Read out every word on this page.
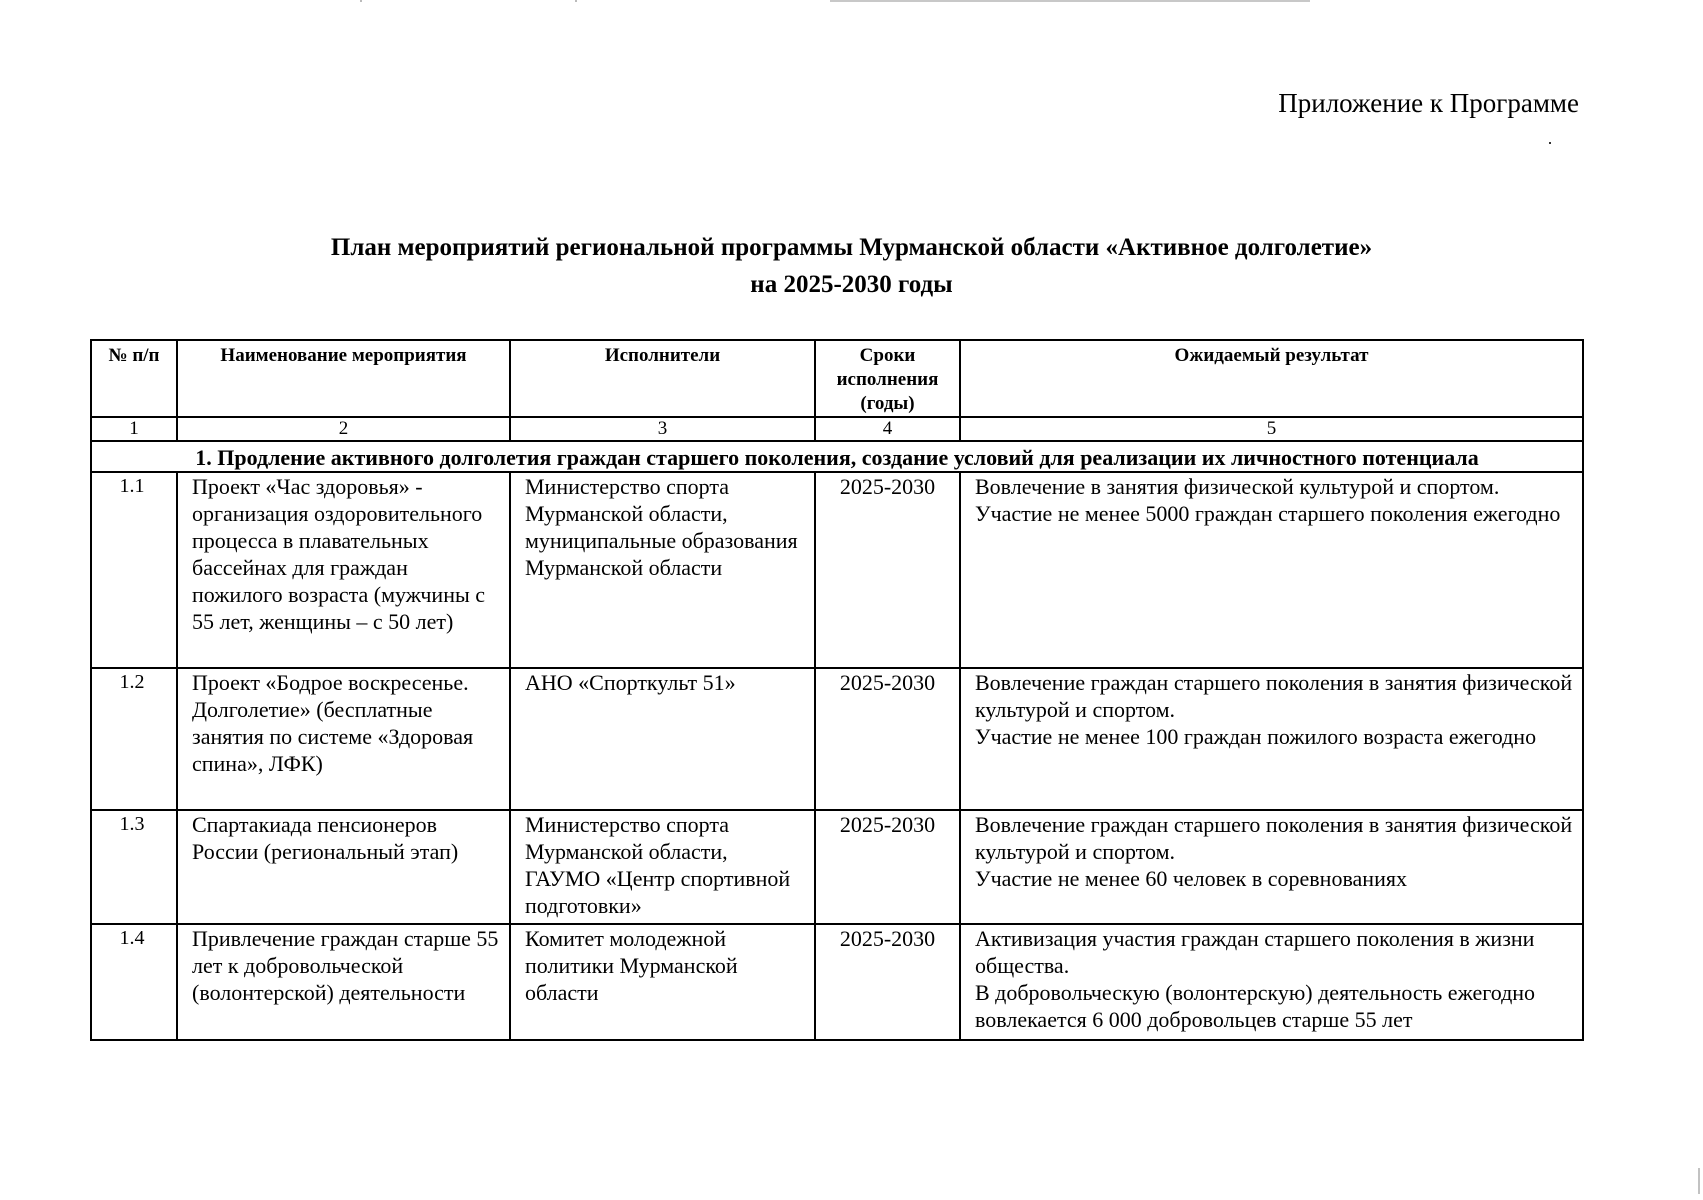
Приложение к Программе
План мероприятий региональной программы Мурманской области «Активное долголетие»
на 2025-2030 годы
№ п/п	Наименование мероприятия	Исполнители	Сроки исполнения (годы)	Ожидаемый результат
1	2	3	4	5
1. Продление активного долголетия граждан старшего поколения, создание условий для реализации их личностного потенциала				
1.1	Проект «Час здоровья» - организация оздоровительного процесса в плавательных бассейнах для граждан пожилого возраста (мужчины с 55 лет, женщины – с 50 лет)	Министерство спорта Мурманской области, муниципальные образования Мурманской области	2025-2030	Вовлечение в занятия физической культурой и спортом.
Участие не менее 5000 граждан старшего поколения ежегодно

1.2	Проект «Бодрое воскресенье. Долголетие» (бесплатные занятия по системе «Здоровая спина», ЛФК)	АНО «Спорткульт 51»	2025-2030	Вовлечение граждан старшего поколения в занятия физической культурой и спортом.
Участие не менее 100 граждан пожилого возраста ежегодно

1.3	Спартакиада пенсионеров России (региональный этап)	Министерство спорта Мурманской области, ГАУМО «Центр спортивной подготовки»	2025-2030	Вовлечение граждан старшего поколения в занятия физической культурой и спортом.
Участие не менее 60 человек в соревнованиях

1.4	Привлечение граждан старше 55 лет к добровольческой (волонтерской) деятельности	Комитет молодежной политики Мурманской области	2025-2030	Активизация участия граждан старшего поколения в жизни общества.
В добровольческую (волонтерскую) деятельность ежегодно вовлекается 6 000 добровольцев старше 55 лет
